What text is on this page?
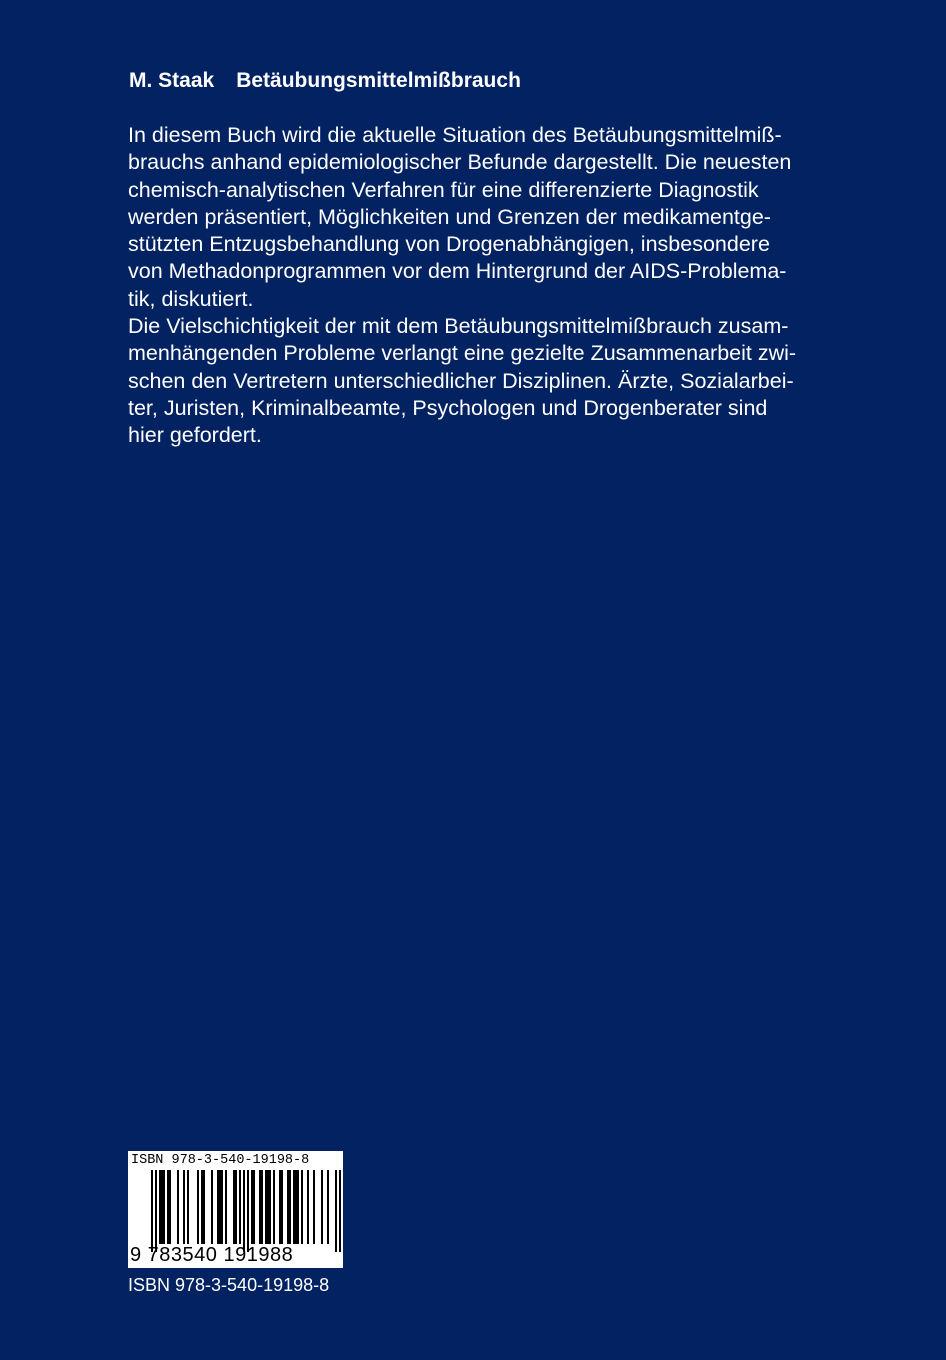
M. Staak Betäubungsmittelmißbrauch
In diesem Buch wird die aktuelle Situation des Betäubungsmittelmiß-
brauchs anhand epidemiologischer Befunde dargestellt. Die neuesten
chemisch-analytischen Verfahren für eine differenzierte Diagnostik
werden präsentiert, Möglichkeiten und Grenzen der medikamentge-
stützten Entzugsbehandlung von Drogenabhängigen, insbesondere
von Methadonprogrammen vor dem Hintergrund der AIDS-Problema-
tik, diskutiert.
Die Vielschichtigkeit der mit dem Betäubungsmittelmißbrauch zusam-
menhängenden Probleme verlangt eine gezielte Zusammenarbeit zwi-
schen den Vertretern unterschiedlicher Disziplinen. Ärzte, Sozialarbei-
ter, Juristen, Kriminalbeamte, Psychologen und Drogenberater sind
hier gefordert.
ISBN 978-3-540-19198-8
9 783540 191988
ISBN 978-3-540-19198-8
